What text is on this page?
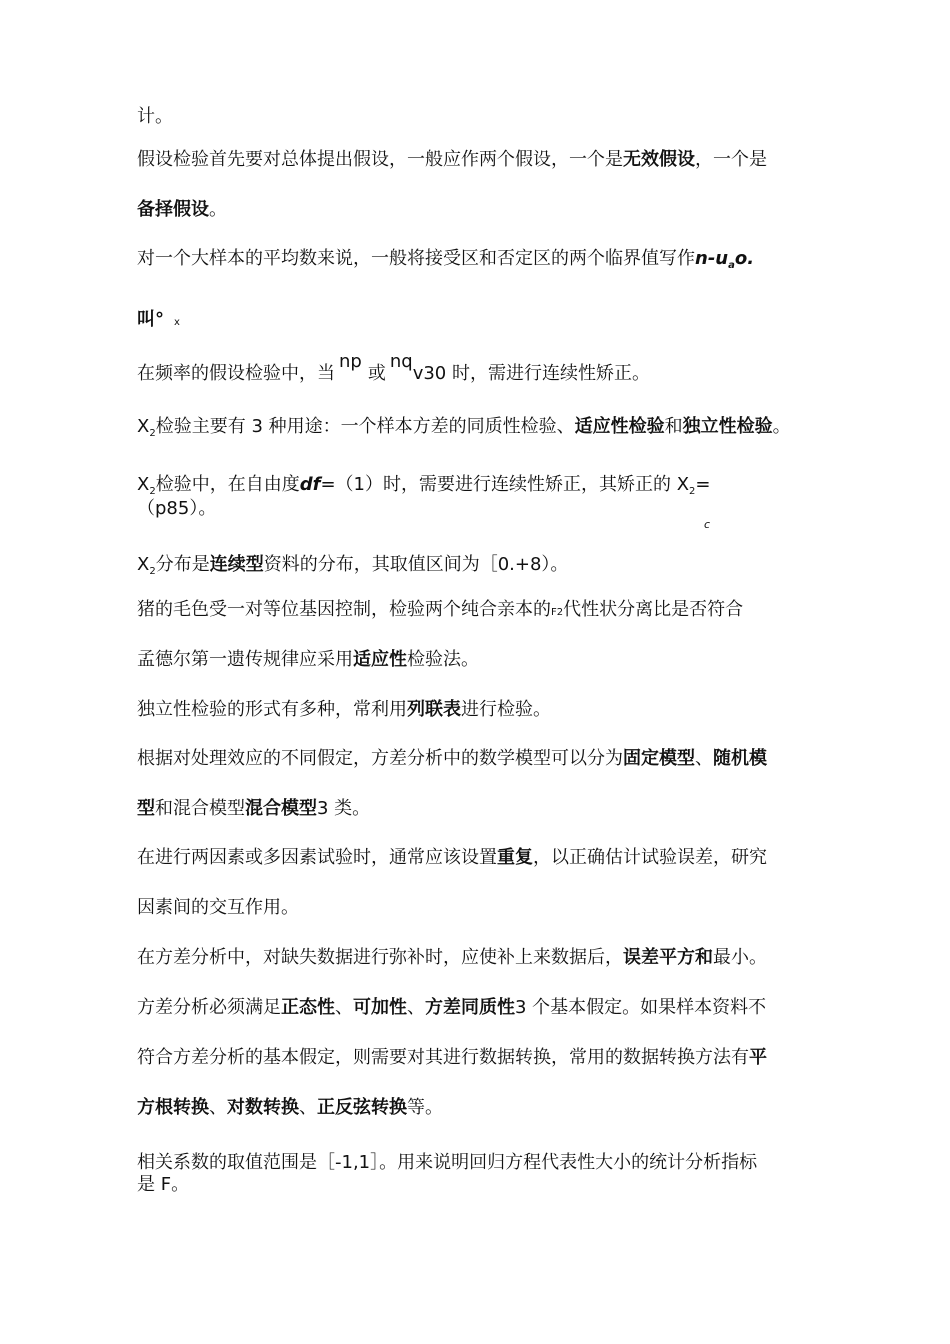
计。
假设检验首先要对总体提出假设，一般应作两个假设，一个是无效假设，一个是
备择假设。
对一个大样本的平均数来说，一般将接受区和否定区的两个临界值写作$n-u_ao$.
叫° x
在频率的假设检验中，当np或nqv30 时，需进行连续性矫正。
$X_2$检验主要有 3 种用途：一个样本方差的同质性检验、适应性检验和独立性检验。
$X_2$检验中，在自由度df=（1）时，需要进行连续性矫正，其矫正的 $X_2=$
（p85）。
c
$X_2$分布是连续型资料的分布，其取值区间为［0.+8）。
猪的毛色受一对等位基因控制，检验两个纯合亲本的F2代性状分离比是否符合
孟德尔第一遗传规律应采用适应性检验法。
独立性检验的形式有多种，常利用列联表进行检验。
根据对处理效应的不同假定，方差分析中的数学模型可以分为固定模型、随机模
型和混合模型混合模型3 类。
在进行两因素或多因素试验时，通常应该设置重复，以正确估计试验误差，研究
因素间的交互作用。
在方差分析中，对缺失数据进行弥补时，应使补上来数据后，误差平方和最小。
方差分析必须满足正态性、可加性、方差同质性3 个基本假定。如果样本资料不
符合方差分析的基本假定，则需要对其进行数据转换，常用的数据转换方法有平
方根转换、对数转换、正反弦转换等。
相关系数的取值范围是［-1,1］。用来说明回归方程代表性大小的统计分析指标
是 F。
